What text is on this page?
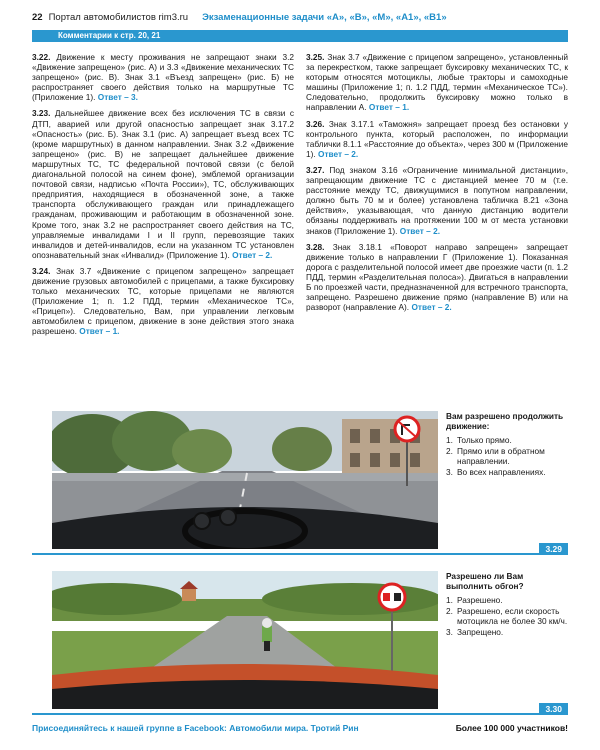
22 Портал автомобилистов rim3.ru Экзаменационные задачи «А», «В», «М», «А1», «В1»
Комментарии к стр. 20, 21

3.22. Движение к месту проживания не запрещают знаки 3.2 «Движение запрещено» (рис. А) и 3.3 «Движение механических ТС запрещено» (рис. В). Знак 3.1 «Въезд запрещен» (рис. Б) не распространяет своего действия только на маршрутные ТС (Приложение 1). Ответ – 3.

3.23. Дальнейшее движение всех без исключения ТС в связи с ДТП, аварией или другой опасностью запрещает знак 3.17.2 «Опасность» (рис. Б). Знак 3.1 (рис. А) запрещает въезд всех ТС (кроме маршрутных) в данном направлении. Знак 3.2 «Движение запрещено» (рис. В) не запрещает дальнейшее движение маршрутных ТС, ТС федеральной почтовой связи (с белой диагональной полосой на синем фоне), эмблемой организации почтовой связи, надписью «Почта России»), ТС, обслуживающих предприятия, находящиеся в обозначенной зоне, а также транспорта обслуживающего граждан или принадлежащего гражданам, проживающим и работающим в обозначенной зоне. Кроме того, знак 3.2 не распространяет своего действия на ТС, управляемые инвалидами I и II групп, перевозящие таких инвалидов и детей-инвалидов, если на указанном ТС установлен опознавательный знак «Инвалид» (Приложение 1). Ответ – 2.

3.24. Знак 3.7 «Движение с прицепом запрещено» запрещает движение грузовых автомобилей с прицепами, а также буксировку только механических ТС, которые прицепами не являются (Приложение 1; п. 1.2 ПДД, термин «Механическое ТС», «Прицеп»). Следовательно, Вам, при управлении легковым автомобилем с прицепом, движение в зоне действия этого знака разрешено. Ответ – 1.

3.25. Знак 3.7 «Движение с прицепом запрещено», установленный за перекрестком, также запрещает буксировку механических ТС, к которым относятся мотоциклы, любые тракторы и самоходные машины (Приложение 1; п. 1.2 ПДД, термин «Механическое ТС»). Следовательно, продолжить буксировку можно только в направлении А. Ответ – 1.

3.26. Знак 3.17.1 «Таможня» запрещает проезд без остановки у контрольного пункта, который расположен, по информации таблички 8.1.1 «Расстояние до объекта», через 300 м (Приложение 1). Ответ – 2.

3.27. Под знаком 3.16 «Ограничение минимальной дистанции», запрещающим движение ТС с дистанцией менее 70 м (т.е. расстояние между ТС, движущимися в попутном направлении, должно быть 70 м и более) установлена табличка 8.21 «Зона действия», указывающая, что данную дистанцию водители обязаны поддерживать на протяжении 100 м от места установки знаков (Приложение 1). Ответ – 2.

3.28. Знак 3.18.1 «Поворот направо запрещен» запрещает движение только в направлении Г (Приложение 1). Показанная дорога с разделительной полосой имеет две проезжие части (п. 1.2 ПДД, термин «Разделительная полоса»). Двигаться в направлении Б по проезжей части, предназначенной для встречного транспорта, запрещено. Разрешено движение прямо (направление В) или на разворот (направление А). Ответ – 2.

Вам разрешено продолжить движение:
1. Только прямо.
2. Прямо или в обратном направлении.
3. Во всех направлениях.
3.29
Разрешено ли Вам выполнить обгон?
1. Разрешено.
2. Разрешено, если скорость мотоцикла не более 30 км/ч.
3. Запрещено.
3.30
Присоединяйтесь к нашей группе в Facebook: Автомобили мира. Тротий Рин	Более 100 000 участников!
